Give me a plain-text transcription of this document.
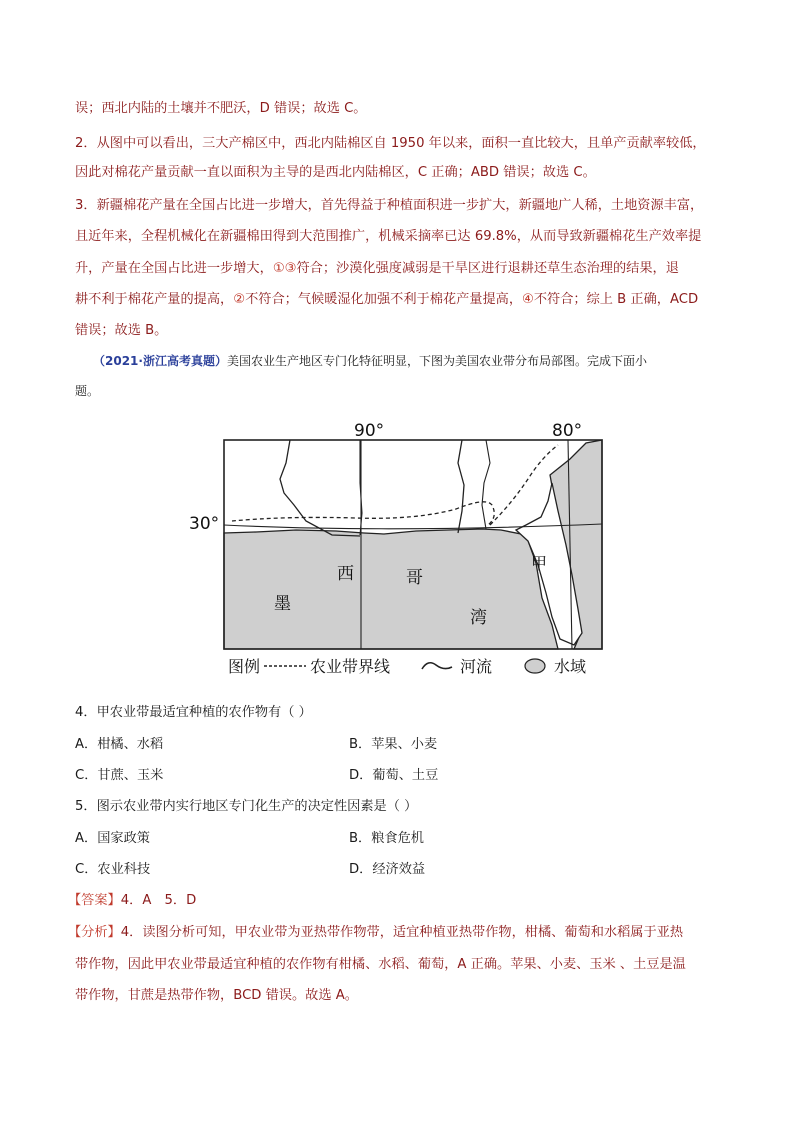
误；西北内陆的土壤并不肥沃，D 错误；故选 C。
2．从图中可以看出，三大产棉区中，西北内陆棉区自 1950 年以来，面积一直比较大，且单产贡献率较低，
因此对棉花产量贡献一直以面积为主导的是西北内陆棉区，C 正确；ABD 错误；故选 C。
3．新疆棉花产量在全国占比进一步增大，首先得益于种植面积进一步扩大，新疆地广人稀，土地资源丰富，
且近年来，全程机械化在新疆棉田得到大范围推广，机械采摘率已达 69.8%，从而导致新疆棉花生产效率提
升，产量在全国占比进一步增大，①③符合；沙漠化强度减弱是干旱区进行退耕还草生态治理的结果，退
耕不利于棉花产量的提高，②不符合；气候暖湿化加强不利于棉花产量提高，④不符合；综上 B 正确，ACD
错误；故选 B。
（2021·浙江高考真题）美国农业生产地区专门化特征明显，下图为美国农业带分布局部图。完成下面小
题。
90°	80°
30°
墨
西	哥
湾
甲
图例	农业带界线	河流	水域
4．甲农业带最适宜种植的农作物有（ ）
A．柑橘、水稻	B．苹果、小麦
C．甘蔗、玉米	D．葡萄、土豆
5．图示农业带内实行地区专门化生产的决定性因素是（ ）
A．国家政策	B．粮食危机
C．农业科技	D．经济效益
【答案】4．A　5．D
【分析】4．读图分析可知，甲农业带为亚热带作物带，适宜种植亚热带作物，柑橘、葡萄和水稻属于亚热
带作物，因此甲农业带最适宜种植的农作物有柑橘、水稻、葡萄，A 正确。苹果、小麦、玉米 、土豆是温
带作物，甘蔗是热带作物，BCD 错误。故选 A。
